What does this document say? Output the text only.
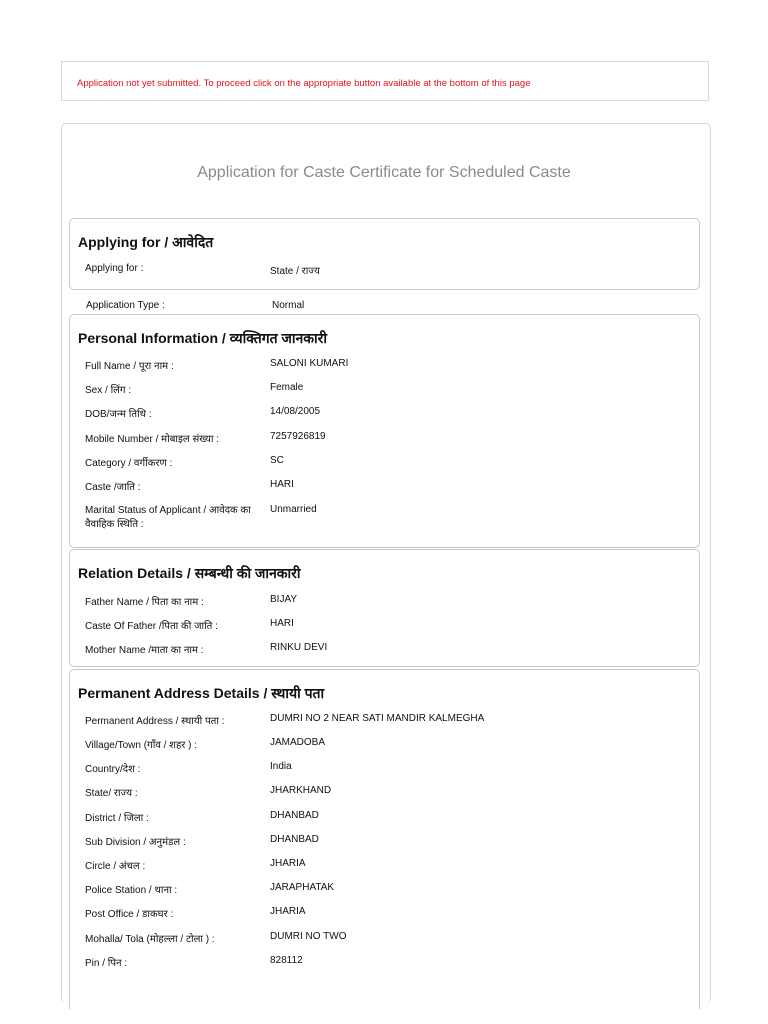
Application not yet submitted. To proceed click on the appropriate button available at the bottom of this page
Application for Caste Certificate for Scheduled Caste
Applying for / आवेदित
Applying for :	State / राज्य
Application Type :	Normal
Personal Information / व्यक्तिगत जानकारी
Full Name / पूरा नाम :	SALONI KUMARI
Sex / लिंग :	Female
DOB/जन्म तिथि :	14/08/2005
Mobile Number / मोबाइल संख्या :	7257926819
Category / वर्गीकरण :	SC
Caste /जाति :	HARI
Marital Status of Applicant / आवेदक का वैवाहिक स्थिति :
Unmarried
Relation Details / सम्बन्धी की जानकारी
Father Name / पिता का नाम :	BIJAY
Caste Of Father /पिता की जाति :	HARI
Mother Name /माता का नाम :	RINKU DEVI
Permanent Address Details / स्थायी पता
Permanent Address / स्थायी पता :	DUMRI NO 2 NEAR SATI MANDIR KALMEGHA
Village/Town (गाँव / शहर ) :	JAMADOBA
Country/देश :	India
State/ राज्य :	JHARKHAND
District / जिला :	DHANBAD
Sub Division / अनुमंडल :	DHANBAD
Circle / अंचल :	JHARIA
Police Station / थाना :	JARAPHATAK
Post Office / डाकघर :	JHARIA
Mohalla/ Tola (मोहल्ला / टोला ) :	DUMRI NO TWO
Pin / पिन :	828112
